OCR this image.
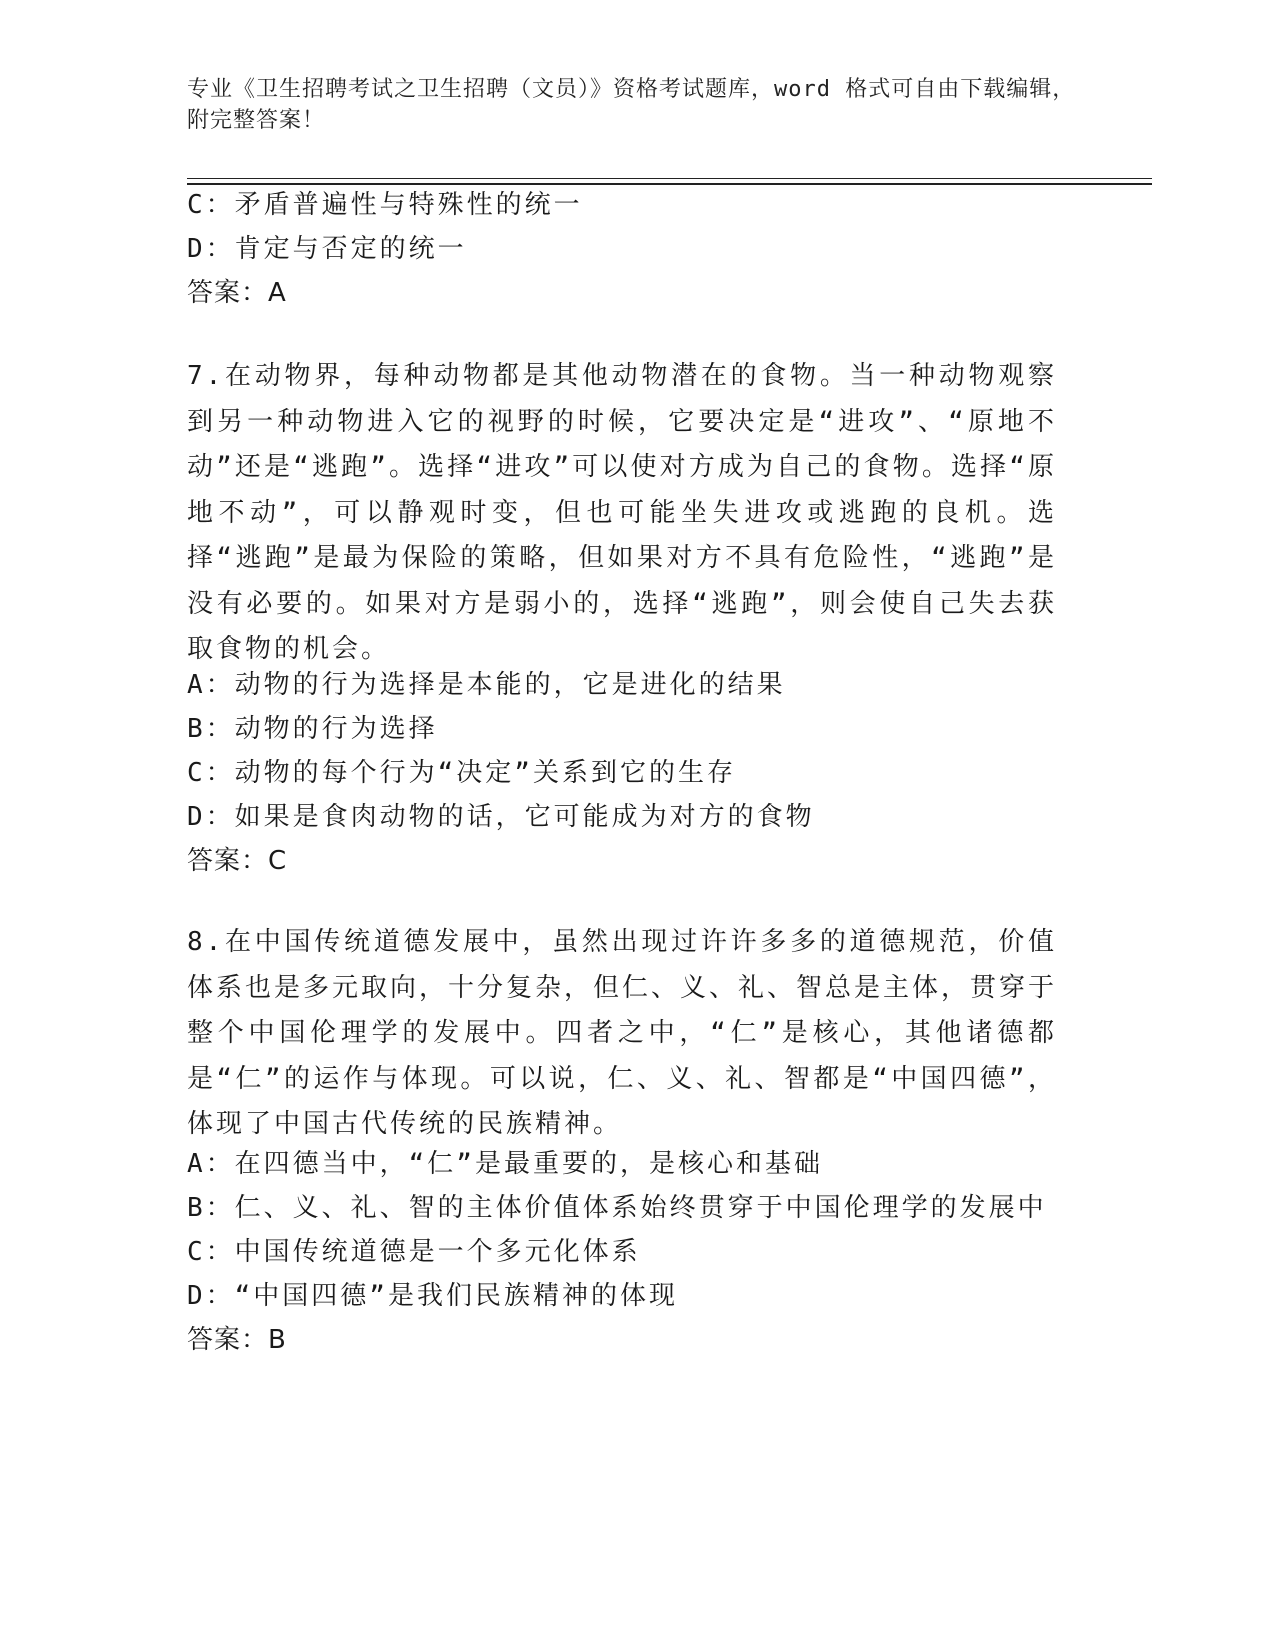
专业《卫生招聘考试之卫生招聘（文员）》资格考试题库，word 格式可自由下载编辑，附完整答案！
C：矛盾普遍性与特殊性的统一
D：肯定与否定的统一
答案：A
7.在动物界，每种动物都是其他动物潜在的食物。当一种动物观察到另一种动物进入它的视野的时候，它要决定是“进攻”、“原地不动”还是“逃跑”。选择“进攻”可以使对方成为自己的食物。选择“原地不动”，可以静观时变，但也可能坐失进攻或逃跑的良机。选择“逃跑”是最为保险的策略，但如果对方不具有危险性，“逃跑”是没有必要的。如果对方是弱小的，选择“逃跑”，则会使自己失去获取食物的机会。
A：动物的行为选择是本能的，它是进化的结果
B：动物的行为选择
C：动物的每个行为“决定”关系到它的生存
D：如果是食肉动物的话，它可能成为对方的食物
答案：C
8.在中国传统道德发展中，虽然出现过许许多多的道德规范，价值体系也是多元取向，十分复杂，但仁、义、礼、智总是主体，贯穿于整个中国伦理学的发展中。四者之中，“仁”是核心，其他诸德都是“仁”的运作与体现。可以说，仁、义、礼、智都是“中国四德”，体现了中国古代传统的民族精神。
A：在四德当中，“仁”是最重要的，是核心和基础
B：仁、义、礼、智的主体价值体系始终贯穿于中国伦理学的发展中
C：中国传统道德是一个多元化体系
D：“中国四德”是我们民族精神的体现
答案：B
